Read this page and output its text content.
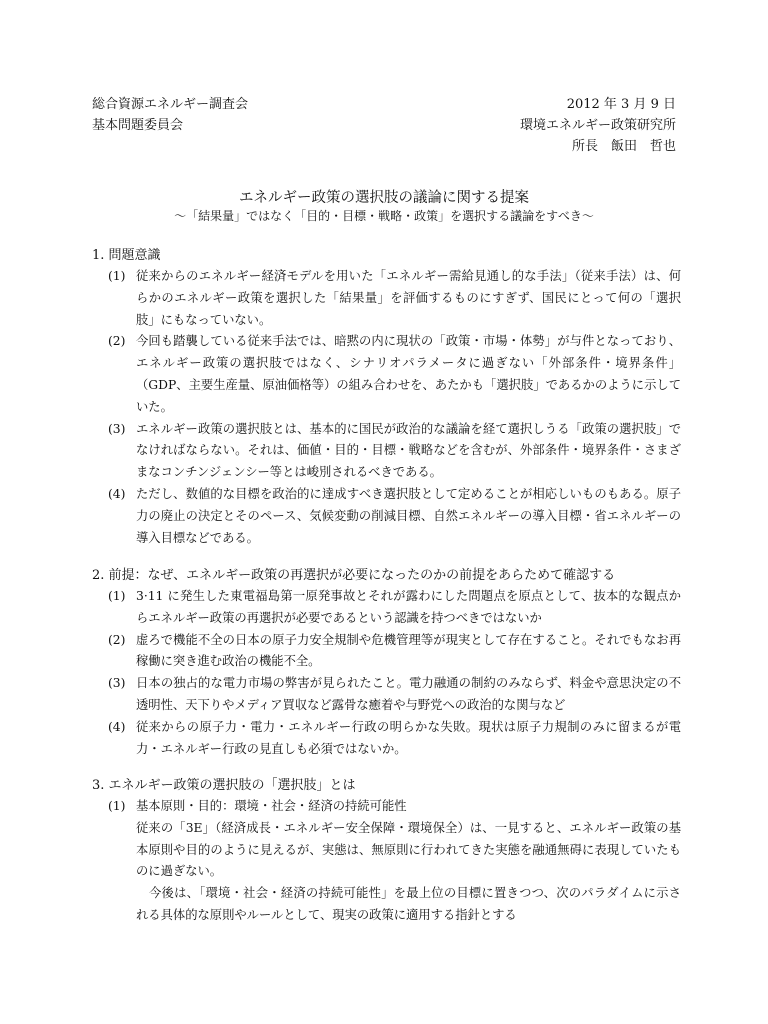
総合資源エネルギー調査会
基本問題委員会
2012 年 3 月 9 日
環境エネルギー政策研究所
所長　飯田　哲也
エネルギー政策の選択肢の議論に関する提案
〜「結果量」ではなく「目的・目標・戦略・政策」を選択する議論をすべき〜
1. 問題意識
(1) 従来からのエネルギー経済モデルを用いた「エネルギー需給見通し的な手法」（従来手法）は、何らかのエネルギー政策を選択した「結果量」を評価するものにすぎず、国民にとって何の「選択肢」にもなっていない。
(2) 今回も踏襲している従来手法では、暗黙の内に現状の「政策・市場・体勢」が与件となっており、エネルギー政策の選択肢ではなく、シナリオパラメータに過ぎない「外部条件・境界条件」（GDP、主要生産量、原油価格等）の組み合わせを、あたかも「選択肢」であるかのように示していた。
(3) エネルギー政策の選択肢とは、基本的に国民が政治的な議論を経て選択しうる「政策の選択肢」でなければならない。それは、価値・目的・目標・戦略などを含むが、外部条件・境界条件・さまざまなコンチンジェンシー等とは峻別されるべきである。
(4) ただし、数値的な目標を政治的に達成すべき選択肢として定めることが相応しいものもある。原子力の廃止の決定とそのペース、気候変動の削減目標、自然エネルギーの導入目標・省エネルギーの導入目標などである。
2. 前提：なぜ、エネルギー政策の再選択が必要になったのかの前提をあらためて確認する
(1) 3·11 に発生した東電福島第一原発事故とそれが露わにした問題点を原点として、抜本的な観点からエネルギー政策の再選択が必要であるという認識を持つべきではないか
(2) 虚ろで機能不全の日本の原子力安全規制や危機管理等が現実として存在すること。それでもなお再稼働に突き進む政治の機能不全。
(3) 日本の独占的な電力市場の弊害が見られたこと。電力融通の制約のみならず、料金や意思決定の不透明性、天下りやメディア買収など露骨な癒着や与野党への政治的な関与など
(4) 従来からの原子力・電力・エネルギー行政の明らかな失敗。現状は原子力規制のみに留まるが電力・エネルギー行政の見直しも必須ではないか。
3. エネルギー政策の選択肢の「選択肢」とは
(1) 基本原則・目的：環境・社会・経済の持続可能性
従来の「3E」（経済成長・エネルギー安全保障・環境保全）は、一見すると、エネルギー政策の基本原則や目的のように見えるが、実態は、無原則に行われてきた実態を融通無碍に表現していたものに過ぎない。
今後は、「環境・社会・経済の持続可能性」を最上位の目標に置きつつ、次のパラダイムに示される具体的な原則やルールとして、現実の政策に適用する指針とする
